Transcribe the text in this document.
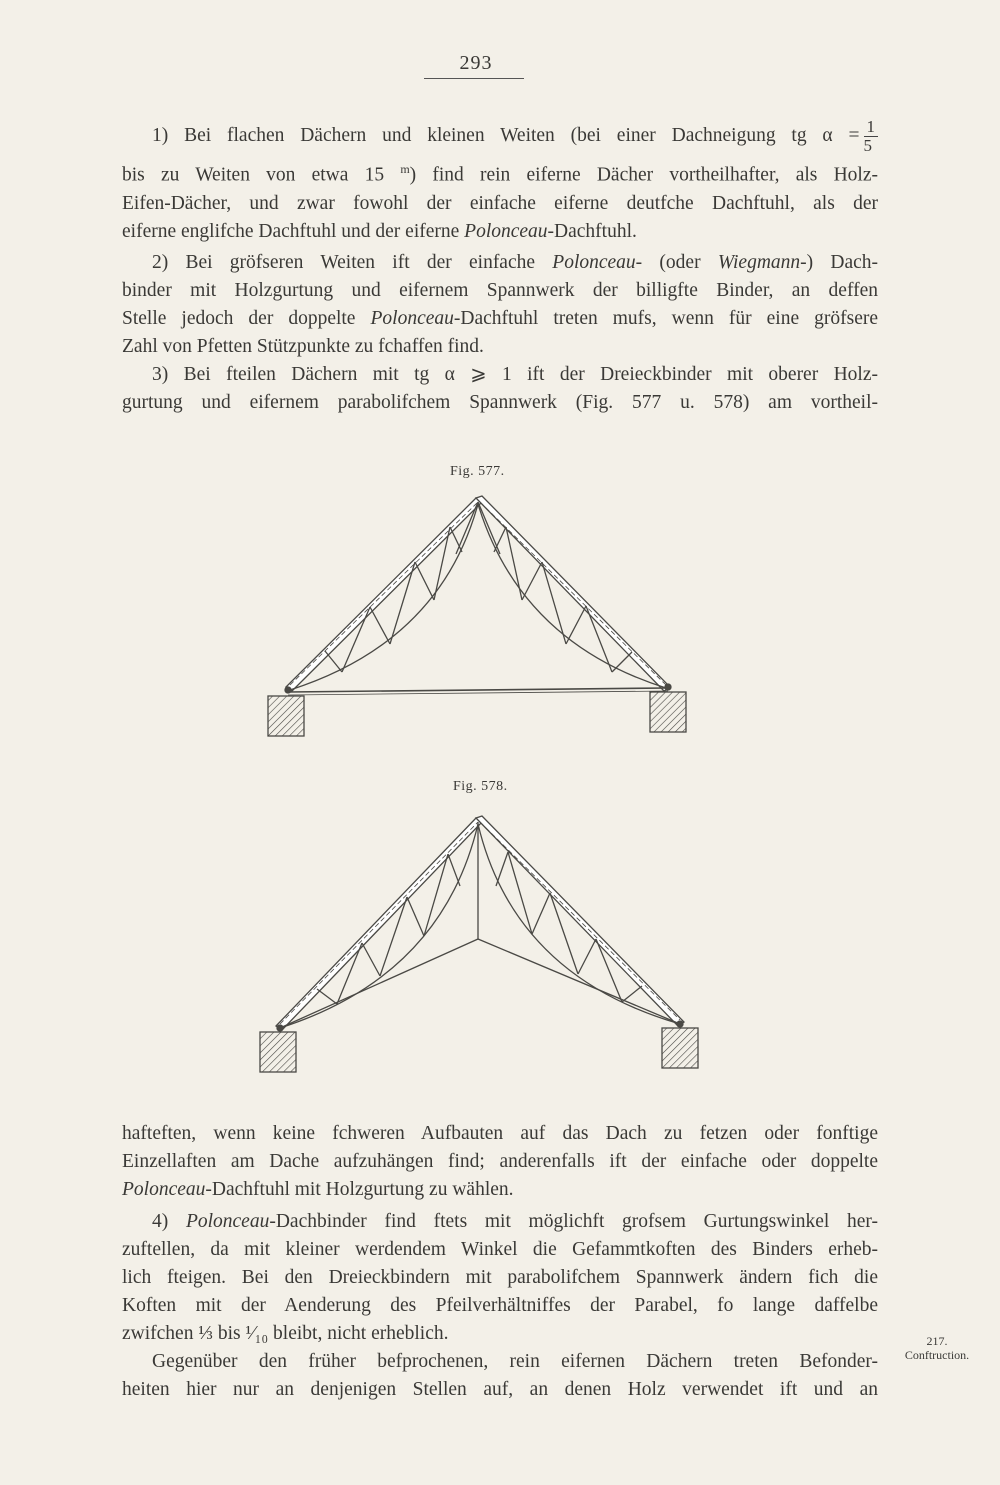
293
1) Bei flachen Dächern und kleinen Weiten (bei einer Dachneigung tg $\alpha = \frac{1}{5}$
bis zu Weiten von etwa 15 $^m$) find rein eiferne Dächer vortheilhafter, als Holz-
Eifen-Dächer, und zwar fowohl der einfache eiferne deutfche Dachftuhl, als der
eiferne englifche Dachftuhl und der eiferne Polonceau-Dachftuhl.
2) Bei gröfseren Weiten ift der einfache Polonceau- (oder Wiegmann-) Dach-
binder mit Holzgurtung und eifernem Spannwerk der billigfte Binder, an deffen
Stelle jedoch der doppelte Polonceau-Dachftuhl treten mufs, wenn für eine gröfsere
Zahl von Pfetten Stützpunkte zu fchaffen find.
3) Bei fteilen Dächern mit tg α ⩾ 1 ift der Dreieckbinder mit oberer Holz-
gurtung und eifernem parabolifchem Spannwerk (Fig. 577 u. 578) am vortheil-
Fig. 577.
Fig. 578.
hafteften, wenn keine fchweren Aufbauten auf das Dach zu fetzen oder fonftige
Einzellaften am Dache aufzuhängen find; anderenfalls ift der einfache oder doppelte
Polonceau-Dachftuhl mit Holzgurtung zu wählen.
4) Polonceau-Dachbinder find ftets mit möglichft grofsem Gurtungswinkel her-
zuftellen, da mit kleiner werdendem Winkel die Gefammtkoften des Binders erheb-
lich fteigen. Bei den Dreieckbindern mit parabolifchem Spannwerk ändern fich die
Koften mit der Aenderung des Pfeilverhältniffes der Parabel, fo lange daffelbe
zwifchen ⅓ bis ¹⁄₁₀ bleibt, nicht erheblich.
Gegenüber den früher befprochenen, rein eifernen Dächern treten Befonder-
heiten hier nur an denjenigen Stellen auf, an denen Holz verwendet ift und an
217.
Conftruction.
